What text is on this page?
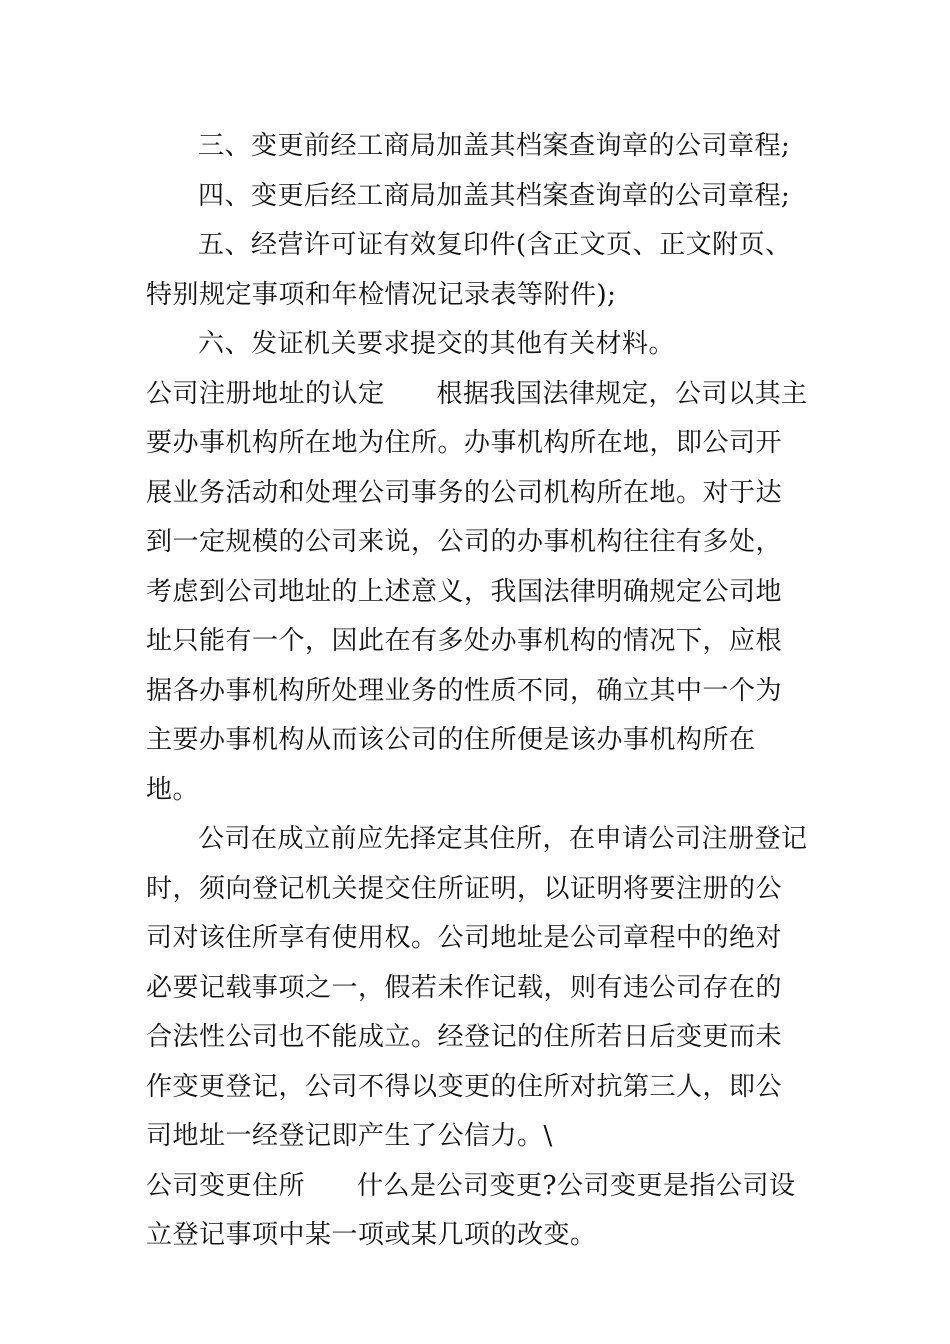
三、变更前经工商局加盖其档案查询章的公司章程;

四、变更后经工商局加盖其档案查询章的公司章程;

五、经营许可证有效复印件(含正文页、正文附页、特别规定事项和年检情况记录表等附件);

六、发证机关要求提交的其他有关材料。

公司注册地址的认定 根据我国法律规定，公司以其主要办事机构所在地为住所。办事机构所在地，即公司开展业务活动和处理公司事务的公司机构所在地。对于达到一定规模的公司来说，公司的办事机构往往有多处，考虑到公司地址的上述意义，我国法律明确规定公司地址只能有一个，因此在有多处办事机构的情况下，应根据各办事机构所处理业务的性质不同，确立其中一个为主要办事机构从而该公司的住所便是该办事机构所在地。

公司在成立前应先择定其住所，在申请公司注册登记时，须向登记机关提交住所证明，以证明将要注册的公司对该住所享有使用权。公司地址是公司章程中的绝对必要记载事项之一，假若未作记载，则有违公司存在的合法性公司也不能成立。经登记的住所若日后变更而未作变更登记，公司不得以变更的住所对抗第三人，即公司地址一经登记即产生了公信力。\

公司变更住所 什么是公司变更?公司变更是指公司设立登记事项中某一项或某几项的改变。
